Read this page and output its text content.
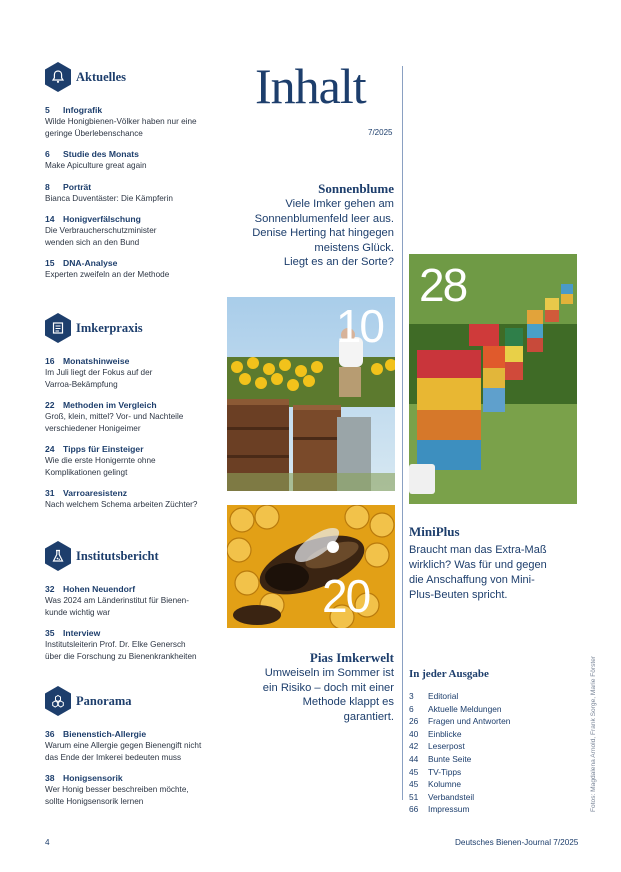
Inhalt
7/2025
Aktuelles
5 Infografik
Wilde Honigbienen-Völker haben nur eine
geringe Überlebenschance
6 Studie des Monats
Make Apiculture great again
8 Porträt
Bianca Duventäster: Die Kämpferin
14 Honigverfälschung
Die Verbraucherschutzminister
wenden sich an den Bund
15 DNA-Analyse
Experten zweifeln an der Methode
Imkerpraxis
16 Monatshinweise
Im Juli liegt der Fokus auf der
Varroa-Bekämpfung
22 Methoden im Vergleich
Groß, klein, mittel? Vor- und Nachteile
verschiedener Honigeimer
24 Tipps für Einsteiger
Wie die erste Honigernte ohne
Komplikationen gelingt
31 Varroaresistenz
Nach welchem Schema arbeiten Züchter?
Institutsbericht
32 Hohen Neuendorf
Was 2024 am Länderinstitut für Bienen-
kunde wichtig war
35 Interview
Institutsleiterin Prof. Dr. Elke Genersch
über die Forschung zu Bienenkrankheiten
Panorama
36 Bienenstich-Allergie
Warum eine Allergie gegen Bienengift nicht
das Ende der Imkerei bedeuten muss
38 Honigsensorik
Wer Honig besser beschreiben möchte,
sollte Honigsensorik lernen
Sonnenblume
Viele Imker gehen am
Sonnenblumenfeld leer aus.
Denise Herting hat hingegen
meistens Glück.
Liegt es an der Sorte?
10
20
Pias Imkerwelt
Umweiseln im Sommer ist
ein Risiko – doch mit einer
Methode klappt es
garantiert.
28
MiniPlus
Braucht man das Extra-Maß
wirklich? Was für und gegen
die Anschaffung von Mini-
Plus-Beuten spricht.
In jeder Ausgabe
3	Editorial
6	Aktuelle Meldungen
26	Fragen und Antworten
40	Einblicke
42	Leserpost
44	Bunte Seite
45	TV-Tipps
45	Kolumne
51	Verbandsteil
66	Impressum	Fotos: Magdalena Arnold, Frank Sorge, Marie Förster
4	Deutsches Bienen-Journal 7/2025
